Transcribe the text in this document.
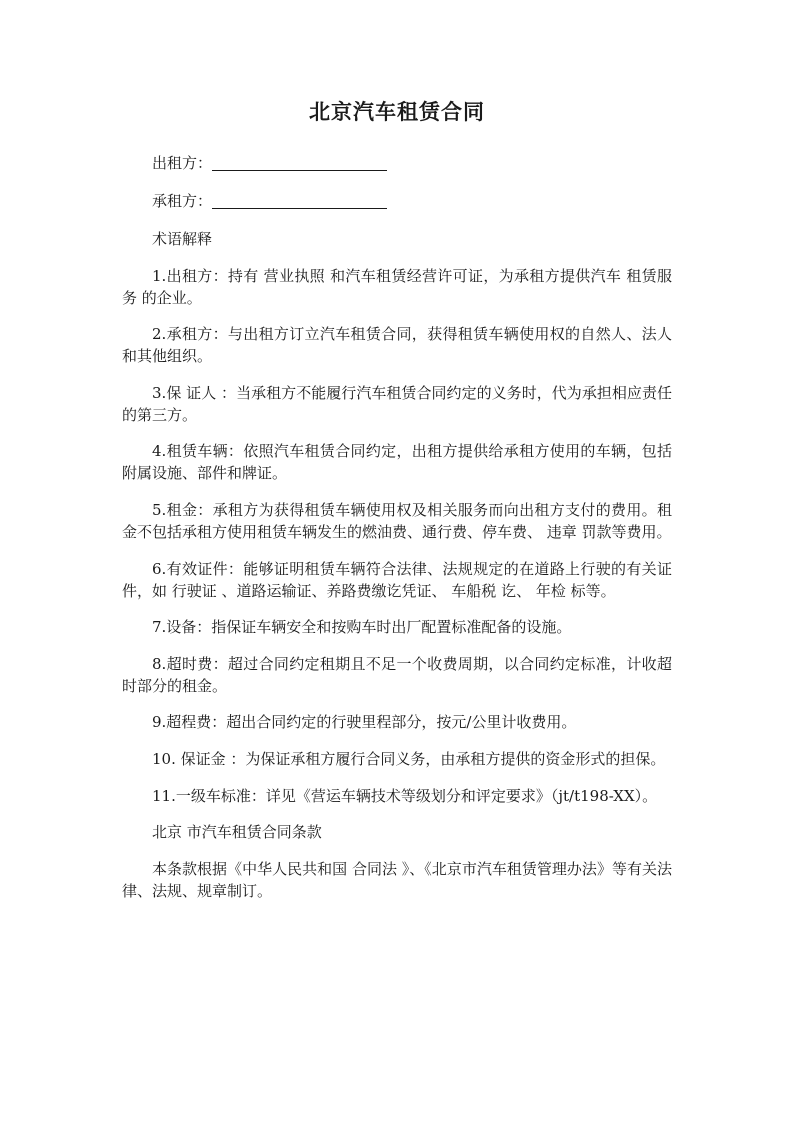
北京汽车租赁合同
出租方：
承租方：

术语解释

1.出租方：持有 营业执照 和汽车租赁经营许可证，为承租方提供汽车 租赁服务 的企业。

2.承租方：与出租方订立汽车租赁合同，获得租赁车辆使用权的自然人、法人和其他组织。

3.保 证人 ：当承租方不能履行汽车租赁合同约定的义务时，代为承担相应责任的第三方。

4.租赁车辆：依照汽车租赁合同约定，出租方提供给承租方使用的车辆，包括附属设施、部件和牌证。

5.租金：承租方为获得租赁车辆使用权及相关服务而向出租方支付的费用。租金不包括承租方使用租赁车辆发生的燃油费、通行费、停车费、 违章 罚款等费用。

6.有效证件：能够证明租赁车辆符合法律、法规规定的在道路上行驶的有关证件，如 行驶证 、道路运输证、养路费缴讫凭证、 车船税 讫、 年检 标等。

7.设备：指保证车辆安全和按购车时出厂配置标准配备的设施。

8.超时费：超过合同约定租期且不足一个收费周期，以合同约定标准，计收超时部分的租金。

9.超程费：超出合同约定的行驶里程部分，按元/公里计收费用。

10. 保证金 ：为保证承租方履行合同义务，由承租方提供的资金形式的担保。

11.一级车标准：详见《营运车辆技术等级划分和评定要求》（jt/t198-XX）。

北京 市汽车租赁合同条款

本条款根据《中华人民共和国 合同法 》、《北京市汽车租赁管理办法》等有关法律、法规、规章制订。
